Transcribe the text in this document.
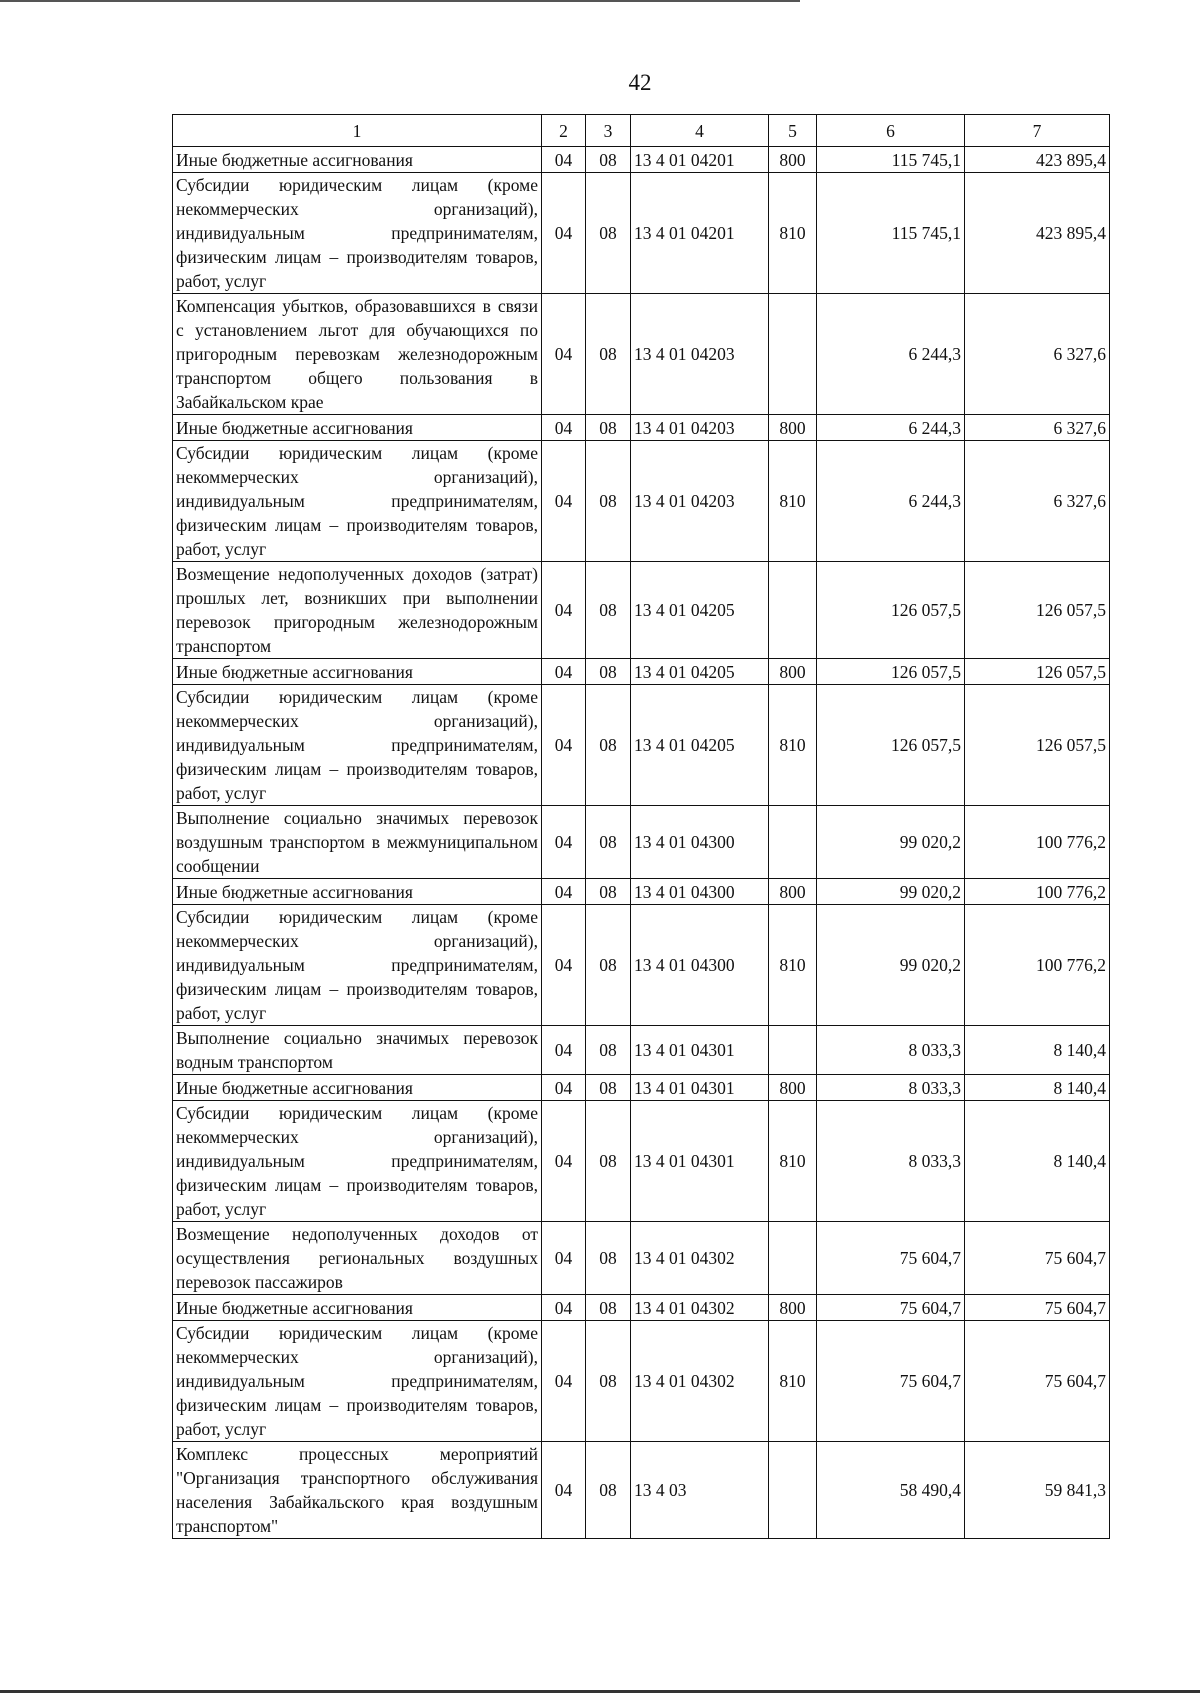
42
1	2	3	4	5	6	7
Иные бюджетные ассигнования	04	08	13 4 01 04201	800	115 745,1	423 895,4
Субсидии юридическим лицам (кроме некоммерческих организаций), индивидуальным предпринимателям, физическим лицам – производителям товаров, работ, услуг	04	08	13 4 01 04201	810	115 745,1	423 895,4
Компенсация убытков, образовавшихся в связи с установлением льгот для обучающихся по пригородным перевозкам железнодорожным транспортом общего пользования в Забайкальском крае	04	08	13 4 01 04203		6 244,3	6 327,6
Иные бюджетные ассигнования	04	08	13 4 01 04203	800	6 244,3	6 327,6
Субсидии юридическим лицам (кроме некоммерческих организаций), индивидуальным предпринимателям, физическим лицам – производителям товаров, работ, услуг	04	08	13 4 01 04203	810	6 244,3	6 327,6
Возмещение недополученных доходов (затрат) прошлых лет, возникших при выполнении перевозок пригородным железнодорожным транспортом	04	08	13 4 01 04205		126 057,5	126 057,5
Иные бюджетные ассигнования	04	08	13 4 01 04205	800	126 057,5	126 057,5
Субсидии юридическим лицам (кроме некоммерческих организаций), индивидуальным предпринимателям, физическим лицам – производителям товаров, работ, услуг	04	08	13 4 01 04205	810	126 057,5	126 057,5
Выполнение социально значимых перевозок воздушным транспортом в межмуниципальном сообщении	04	08	13 4 01 04300		99 020,2	100 776,2
Иные бюджетные ассигнования	04	08	13 4 01 04300	800	99 020,2	100 776,2
Субсидии юридическим лицам (кроме некоммерческих организаций), индивидуальным предпринимателям, физическим лицам – производителям товаров, работ, услуг	04	08	13 4 01 04300	810	99 020,2	100 776,2
Выполнение социально значимых перевозок водным транспортом	04	08	13 4 01 04301		8 033,3	8 140,4
Иные бюджетные ассигнования	04	08	13 4 01 04301	800	8 033,3	8 140,4
Субсидии юридическим лицам (кроме некоммерческих организаций), индивидуальным предпринимателям, физическим лицам – производителям товаров, работ, услуг	04	08	13 4 01 04301	810	8 033,3	8 140,4
Возмещение недополученных доходов от осуществления региональных воздушных перевозок пассажиров	04	08	13 4 01 04302		75 604,7	75 604,7
Иные бюджетные ассигнования	04	08	13 4 01 04302	800	75 604,7	75 604,7
Субсидии юридическим лицам (кроме некоммерческих организаций), индивидуальным предпринимателям, физическим лицам – производителям товаров, работ, услуг	04	08	13 4 01 04302	810	75 604,7	75 604,7
Комплекс процессных мероприятий "Организация транспортного обслуживания населения Забайкальского края воздушным транспортом"	04	08	13 4 03		58 490,4	59 841,3
